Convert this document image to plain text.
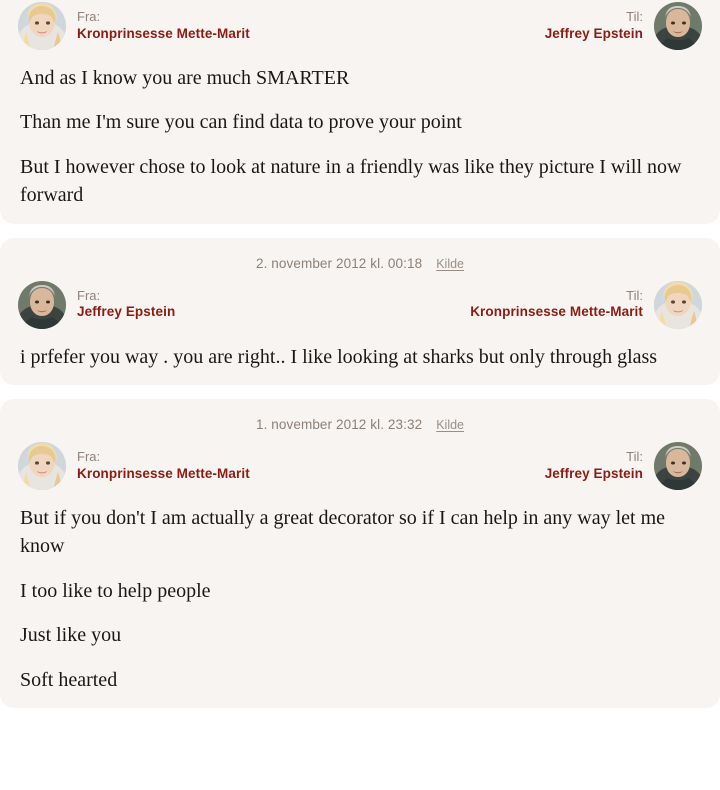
Fra:
Kronprinsesse Mette-Marit
Til:
Jeffrey Epstein

And as I know you are much SMARTER

Than me I'm sure you can find data to prove your point

But I however chose to look at nature in a friendly was like they picture I will now forward

2. november 2012 kl. 00:18 Kilde
Fra:
Jeffrey Epstein
Til:
Kronprinsesse Mette-Marit

i prfefer you way . you are right.. I like looking at sharks but only through glass

1. november 2012 kl. 23:32 Kilde
Fra:
Kronprinsesse Mette-Marit
Til:
Jeffrey Epstein

But if you don't I am actually a great decorator so if I can help in any way let me know

I too like to help people

Just like you

Soft hearted
